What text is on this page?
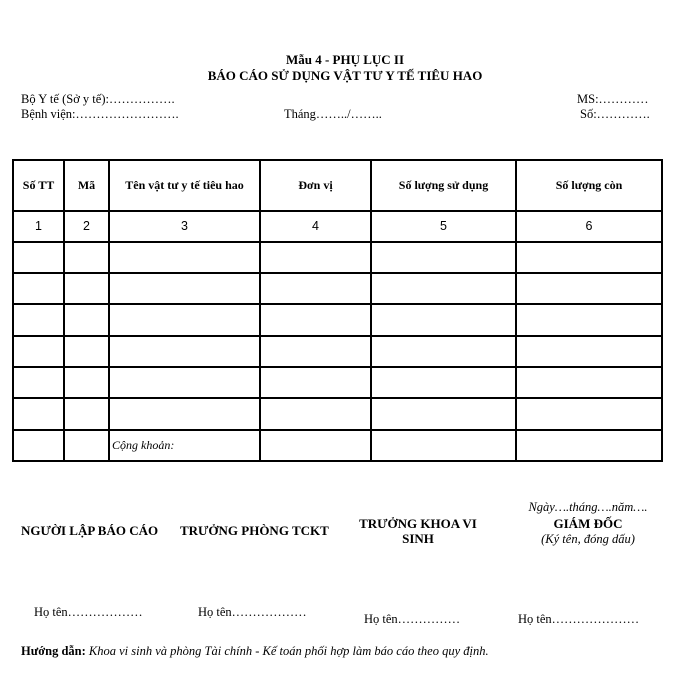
Mẫu 4 - PHỤ LỤC II
BÁO CÁO SỬ DỤNG VẬT TƯ Y TẾ TIÊU HAO
Bộ Y tế (Sở y tế):…………….
Bệnh viện:…………………….	Tháng……../……..
MS:…………
Số:………….
Số TT	Mã	Tên vật tư y tế tiêu hao	Đơn vị	Số lượng sử dụng	Số lượng còn
1	2	3	4	5	6

		Cộng khoản:			
Ngày….tháng….năm….
NGƯỜI LẬP BÁO CÁO TRƯỞNG PHÒNG TCKT	TRƯỞNG KHOA VI
SINH
GIÁM ĐỐC
(Ký tên, đóng dấu)
Họ tên………………	Họ tên………………	Họ tên……………	Họ tên…………………
Hướng dẫn: Khoa vi sinh và phòng Tài chính - Kế toán phối hợp làm báo cáo theo quy định.
